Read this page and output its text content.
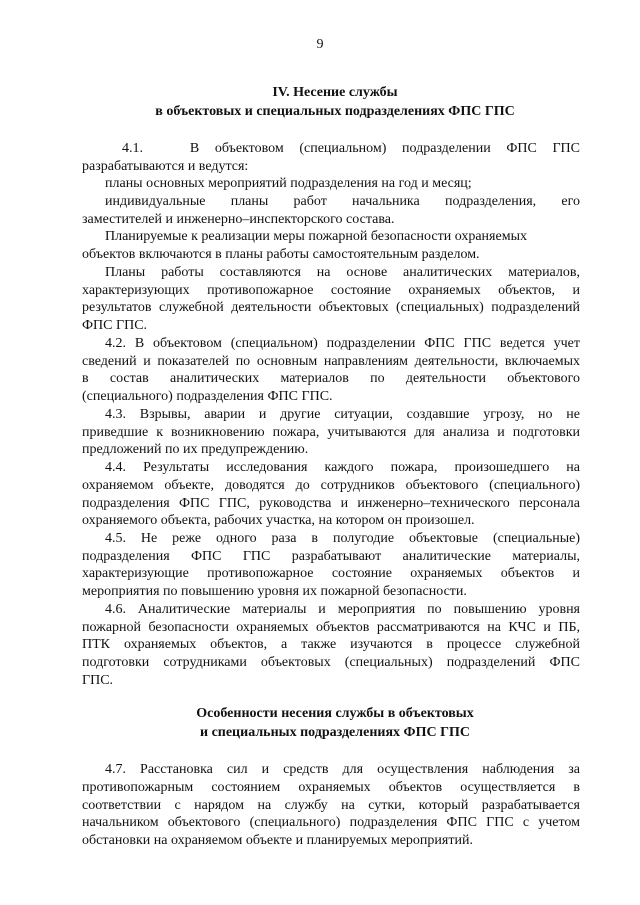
9
IV. Несение службы
в объектовых и специальных подразделениях ФПС ГПС
4.1.   В объектовом (специальном) подразделении ФПС ГПС
разрабатываются и ведутся:
планы основных мероприятий подразделения на год и месяц;
индивидуальные планы работ начальника подразделения, его
заместителей и инженерно–инспекторского состава.
Планируемые к реализации меры пожарной безопасности охраняемых
объектов включаются в планы работы самостоятельным разделом.
Планы работы составляются на основе аналитических материалов,
характеризующих противопожарное состояние охраняемых объектов, и
результатов служебной деятельности объектовых (специальных) подразделений
ФПС ГПС.
4.2. В объектовом (специальном) подразделении ФПС ГПС ведется учет
сведений и показателей по основным направлениям деятельности, включаемых
в состав аналитических материалов по деятельности объектового
(специального) подразделения ФПС ГПС.
4.3. Взрывы, аварии и другие ситуации, создавшие угрозу, но не
приведшие к возникновению пожара, учитываются для анализа и подготовки
предложений по их предупреждению.
4.4. Результаты исследования каждого пожара, произошедшего на
охраняемом объекте, доводятся до сотрудников объектового (специального)
подразделения ФПС ГПС, руководства и инженерно–технического персонала
охраняемого объекта, рабочих участка, на котором он произошел.
4.5. Не реже одного раза в полугодие объектовые (специальные)
подразделения ФПС ГПС разрабатывают аналитические материалы,
характеризующие противопожарное состояние охраняемых объектов и
мероприятия по повышению уровня их пожарной безопасности.
4.6. Аналитические материалы и мероприятия по повышению уровня
пожарной безопасности охраняемых объектов рассматриваются на КЧС и ПБ,
ПТК охраняемых объектов, а также изучаются в процессе служебной
подготовки сотрудниками объектовых (специальных) подразделений ФПС
ГПС.
Особенности несения службы в объектовых
и специальных подразделениях ФПС ГПС
4.7. Расстановка сил и средств для осуществления наблюдения за
противопожарным состоянием охраняемых объектов осуществляется в
соответствии с нарядом на службу на сутки, который разрабатывается
начальником объектового (специального) подразделения ФПС ГПС с учетом
обстановки на охраняемом объекте и планируемых мероприятий.
